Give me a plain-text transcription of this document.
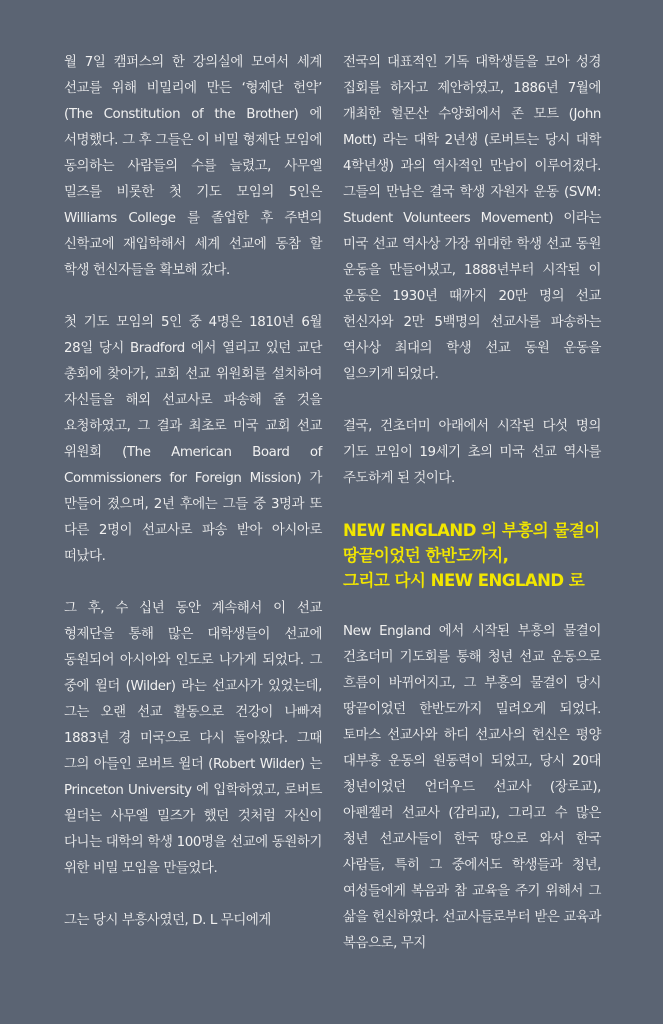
월 7일 캠퍼스의 한 강의실에 모여서 세계 선교를 위해 비밀리에 만든 ‘형제단 헌약’ (The Constitution of the Brother) 에 서명했다. 그 후 그들은 이 비밀 형제단 모임에 동의하는 사람들의 수를 늘렸고, 사무엘 밀즈를 비롯한 첫 기도 모임의 5인은 Williams College 를 졸업한 후 주변의 신학교에 재입학해서 세계 선교에 동참 할 학생 헌신자들을 확보해 갔다.

첫 기도 모임의 5인 중 4명은 1810년 6월 28일 당시 Bradford 에서 열리고 있던 교단 총회에 찾아가, 교회 선교 위원회를 설치하여 자신들을 해외 선교사로 파송해 줄 것을 요청하였고, 그 결과 최초로 미국 교회 선교 위원회 (The American Board of Commissioners for Foreign Mission) 가 만들어 졌으며, 2년 후에는 그들 중 3명과 또 다른 2명이 선교사로 파송 받아 아시아로 떠났다.

그 후, 수 십년 동안 계속해서 이 선교 형제단을 통해 많은 대학생들이 선교에 동원되어 아시아와 인도로 나가게 되었다. 그 중에 윌더 (Wilder) 라는 선교사가 있었는데, 그는 오랜 선교 활동으로 건강이 나빠져 1883년 경 미국으로 다시 돌아왔다. 그때 그의 아들인 로버트 윌더 (Robert Wilder) 는 Princeton University 에 입학하였고, 로버트 윌더는 사무엘 밀즈가 했던 것처럼 자신이 다니는 대학의 학생 100명을 선교에 동원하기 위한 비밀 모임을 만들었다.

그는 당시 부흥사였던, D. L 무디에게

전국의 대표적인 기독 대학생들을 모아 성경 집회를 하자고 제안하였고, 1886년 7월에 개최한 헐몬산 수양회에서 존 모트 (John Mott) 라는 대학 2년생 (로버트는 당시 대학 4학년생) 과의 역사적인 만남이 이루어졌다. 그들의 만남은 결국 학생 자원자 운동 (SVM: Student Volunteers Movement) 이라는 미국 선교 역사상 가장 위대한 학생 선교 동원 운동을 만들어냈고, 1888년부터 시작된 이 운동은 1930년 때까지 20만 명의 선교 헌신자와 2만 5백명의 선교사를 파송하는 역사상 최대의 학생 선교 동원 운동을 일으키게 되었다.

결국, 건초더미 아래에서 시작된 다섯 명의 기도 모임이 19세기 초의 미국 선교 역사를 주도하게 된 것이다.

NEW ENGLAND 의 부흥의 물결이
땅끝이었던 한반도까지,
그리고 다시 NEW ENGLAND 로

New England 에서 시작된 부흥의 물결이 건초더미 기도회를 통해 청년 선교 운동으로 흐름이 바뀌어지고, 그 부흥의 물결이 당시 땅끝이었던 한반도까지 밀려오게 되었다. 토마스 선교사와 하디 선교사의 헌신은 평양 대부흥 운동의 원동력이 되었고, 당시 20대 청년이었던 언더우드 선교사 (장로교), 아펜젤러 선교사 (감리교), 그리고 수 많은 청년 선교사들이 한국 땅으로 와서 한국 사람들, 특히 그 중에서도 학생들과 청년, 여성들에게 복음과 참 교육을 주기 위해서 그 삶을 헌신하였다. 선교사들로부터 받은 교육과 복음으로, 무지
